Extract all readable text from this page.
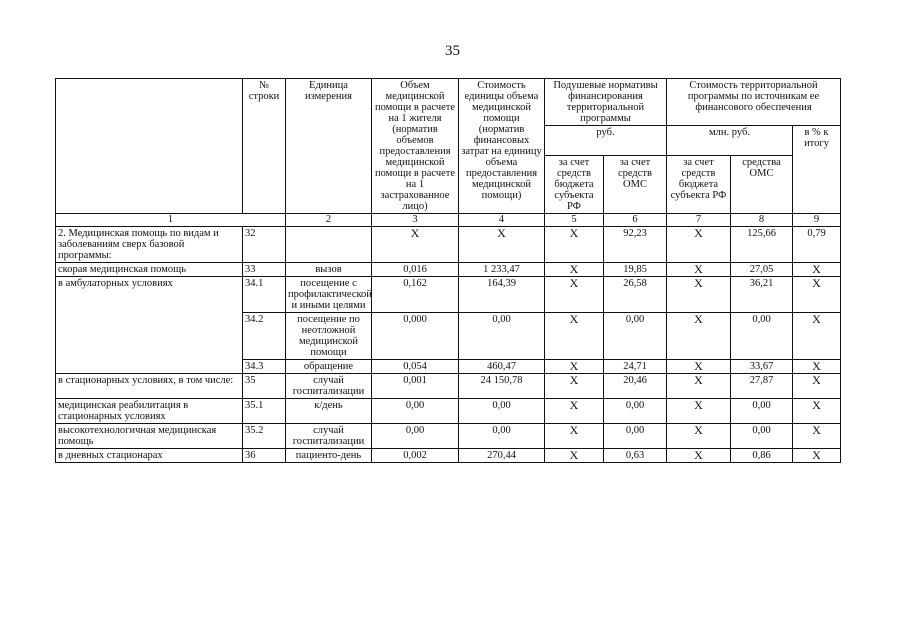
35
	№ строки	Единица измерения	Объем медицинской помощи в расчете на 1 жителя (норматив объемов предоставления медицинской помощи в расчете на 1 застрахованное лицо)	Стоимость единицы объема медицинской помощи (норматив финансовых затрат на единицу объема предоставления медицинской помощи)	Подушевые нормативы финансирования территориальной программы		Стоимость территориальной программы по источникам ее финансового обеспечения		
					руб.		млн. руб.		в % к итогу
					за счет средств бюджета субъекта РФ	за счет средств ОМС	за счет средств бюджета субъекта РФ	средства ОМС	
1		2	3	4	5	6	7	8	9
2. Медицинская помощь по видам и заболеваниям сверх базовой программы:	32		X	X	X	92,23	X	125,66	0,79
скорая медицинская помощь	33	вызов	0,016	1 233,47	X	19,85	X	27,05	X
в амбулаторных условиях	34.1	посещение с профилактической и иными целями	0,162	164,39	X	26,58	X	36,21	X
	34.2	посещение по неотложной медицинской помощи	0,000	0,00	X	0,00	X	0,00	X
	34.3	обращение	0,054	460,47	X	24,71	X	33,67	X
в стационарных условиях, в том числе:	35	случай госпитализации	0,001	24 150,78	X	20,46	X	27,87	X
медицинская реабилитация в стационарных условиях	35.1	к/день	0,00	0,00	X	0,00	X	0,00	X
высокотехнологичная медицинская помощь	35.2	случай госпитализации	0,00	0,00	X	0,00	X	0,00	X
в дневных стационарах	36	пациенто-день	0,002	270,44	X	0,63	X	0,86	X
